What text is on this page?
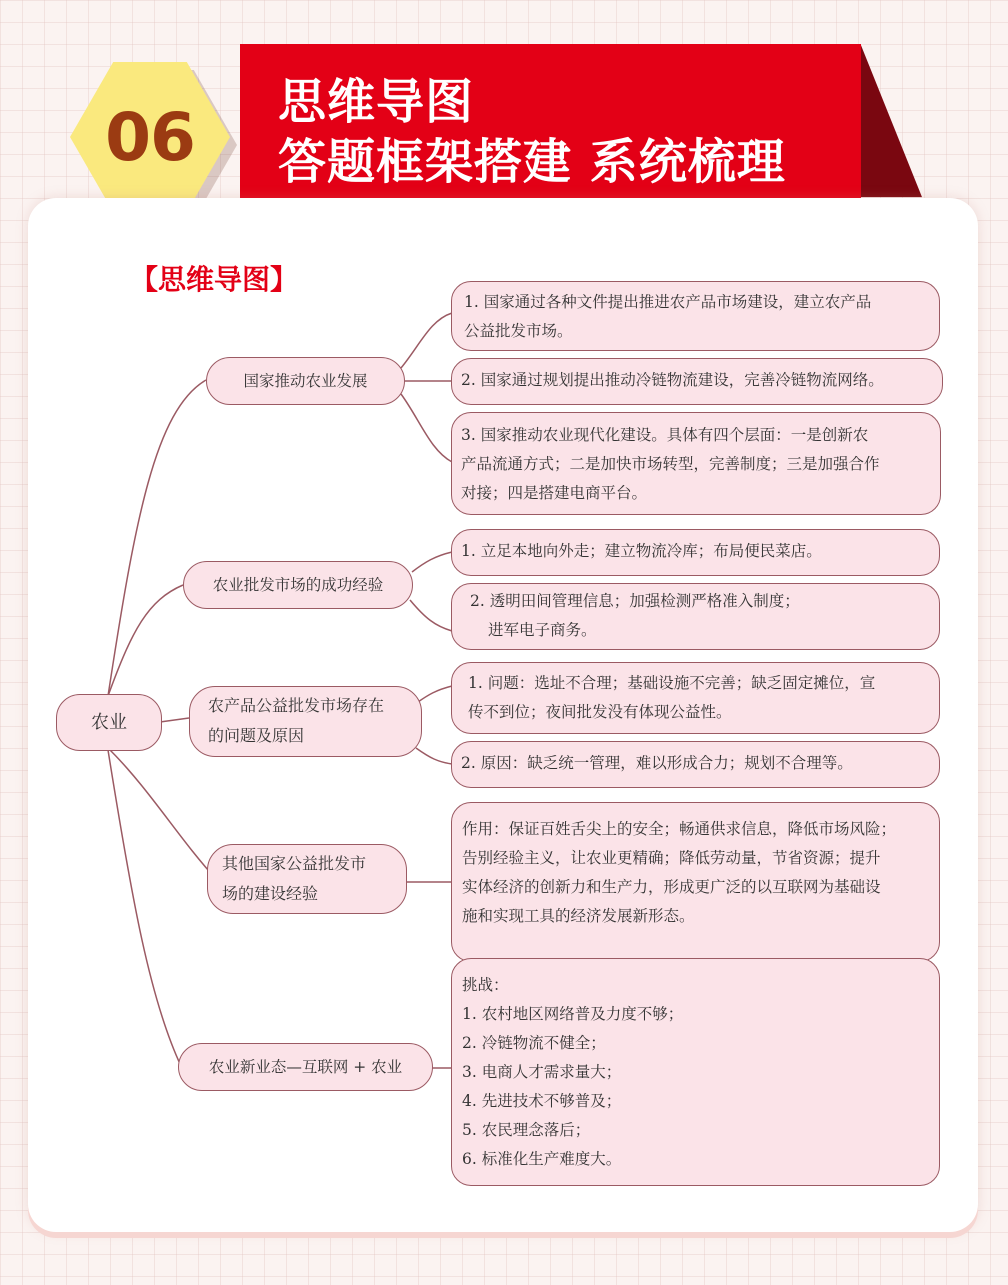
思维导图
答题框架搭建 系统梳理
06
【思维导图】
农业
国家推动农业发展
农业批发市场的成功经验
农产品公益批发市场存在
的问题及原因
其他国家公益批发市
场的建设经验
农业新业态—互联网 + 农业
1. 国家通过各种文件提出推进农产品市场建设，建立农产品
公益批发市场。
2. 国家通过规划提出推动冷链物流建设，完善冷链物流网络。
3. 国家推动农业现代化建设。具体有四个层面：一是创新农
产品流通方式；二是加快市场转型，完善制度；三是加强合作
对接；四是搭建电商平台。
1. 立足本地向外走；建立物流冷库；布局便民菜店。
2. 透明田间管理信息；加强检测严格准入制度；
进军电子商务。
1. 问题：选址不合理；基础设施不完善；缺乏固定摊位，宣
传不到位；夜间批发没有体现公益性。
2. 原因：缺乏统一管理，难以形成合力；规划不合理等。
作用：保证百姓舌尖上的安全；畅通供求信息，降低市场风险；
告别经验主义，让农业更精确；降低劳动量，节省资源；提升
实体经济的创新力和生产力，形成更广泛的以互联网为基础设
施和实现工具的经济发展新形态。
挑战：
1. 农村地区网络普及力度不够；
2. 冷链物流不健全；
3. 电商人才需求量大；
4. 先进技术不够普及；
5. 农民理念落后；
6. 标准化生产难度大。
